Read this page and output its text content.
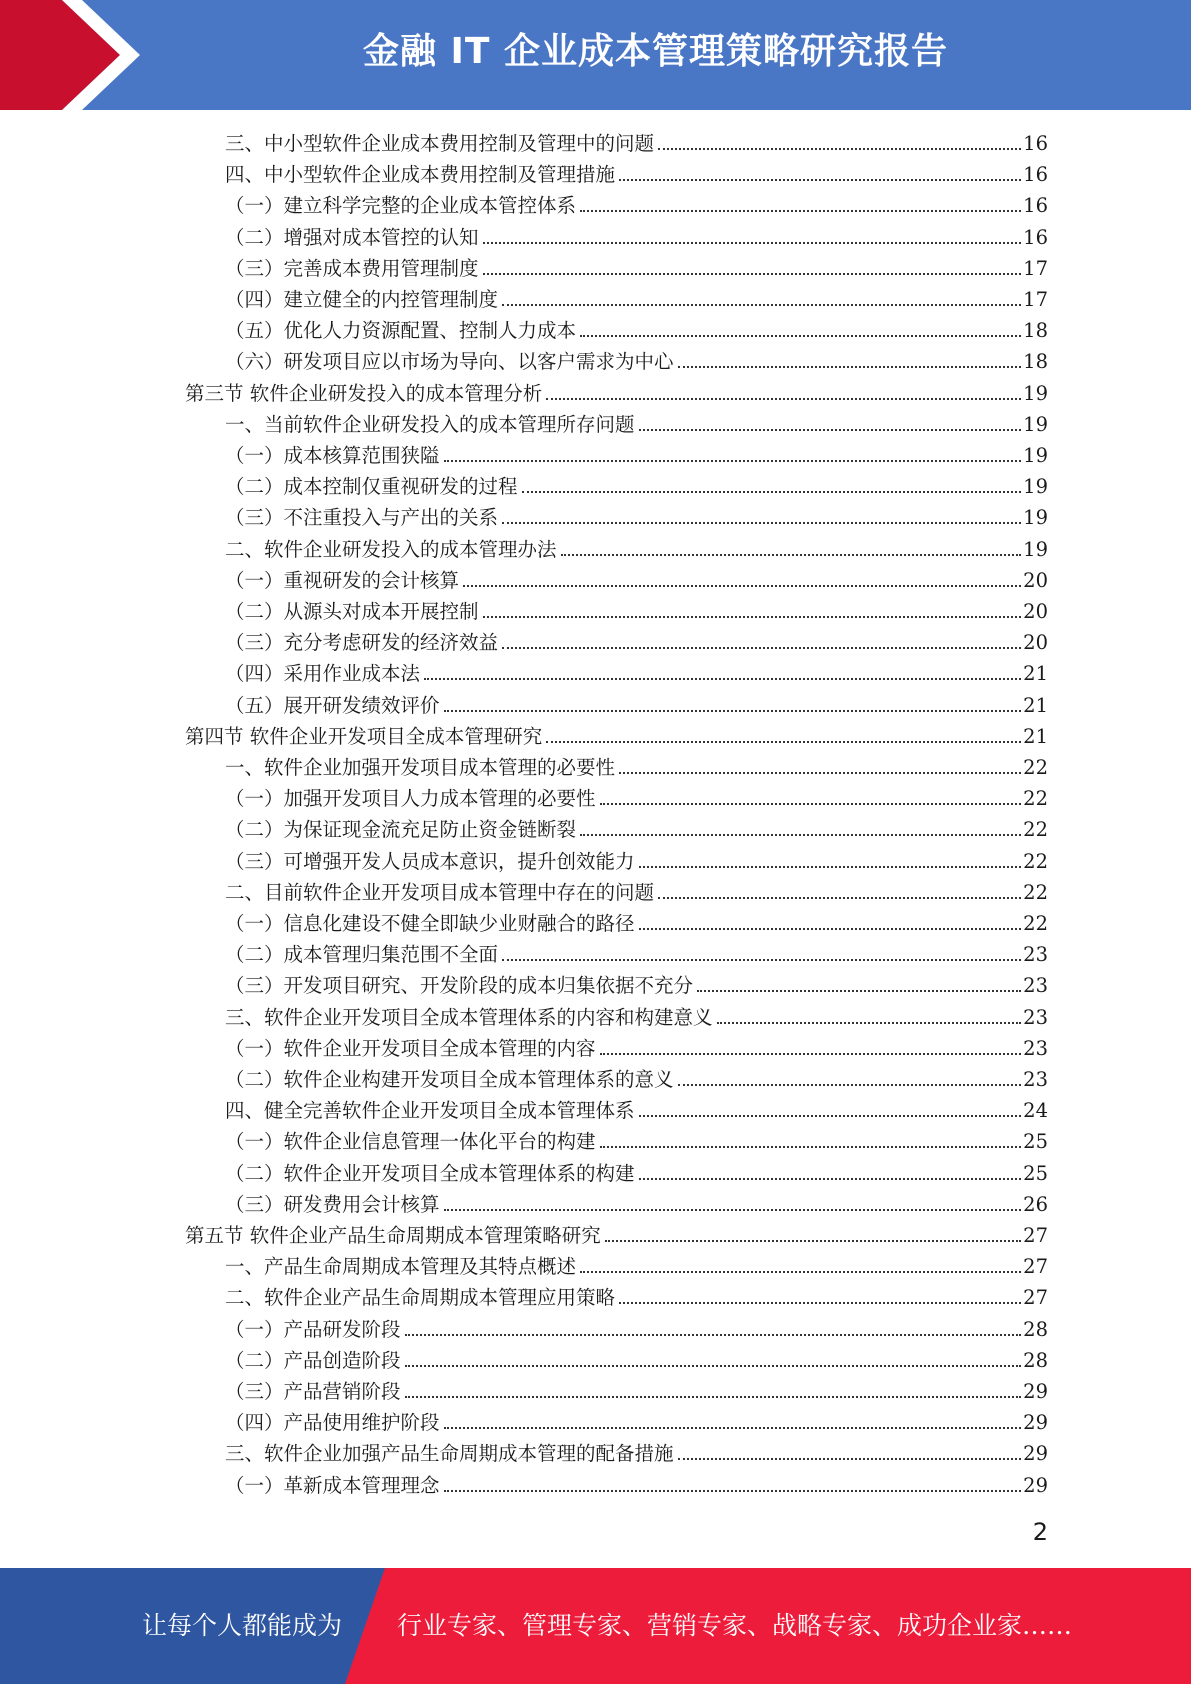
金融 IT 企业成本管理策略研究报告
三、中小型软件企业成本费用控制及管理中的问题	16
四、中小型软件企业成本费用控制及管理措施	16
（一）建立科学完整的企业成本管控体系	16
（二）增强对成本管控的认知	16
（三）完善成本费用管理制度	17
（四）建立健全的内控管理制度	17
（五）优化人力资源配置、控制人力成本	18
（六）研发项目应以市场为导向、以客户需求为中心	18
第三节 软件企业研发投入的成本管理分析	19
一、当前软件企业研发投入的成本管理所存问题	19
（一）成本核算范围狭隘	19
（二）成本控制仅重视研发的过程	19
（三）不注重投入与产出的关系	19
二、软件企业研发投入的成本管理办法	19
（一）重视研发的会计核算	20
（二）从源头对成本开展控制	20
（三）充分考虑研发的经济效益	20
（四）采用作业成本法	21
（五）展开研发绩效评价	21
第四节 软件企业开发项目全成本管理研究	21
一、软件企业加强开发项目成本管理的必要性	22
（一）加强开发项目人力成本管理的必要性	22
（二）为保证现金流充足防止资金链断裂	22
（三）可增强开发人员成本意识，提升创效能力	22
二、目前软件企业开发项目成本管理中存在的问题	22
（一）信息化建设不健全即缺少业财融合的路径	22
（二）成本管理归集范围不全面	23
（三）开发项目研究、开发阶段的成本归集依据不充分	23
三、软件企业开发项目全成本管理体系的内容和构建意义	23
（一）软件企业开发项目全成本管理的内容	23
（二）软件企业构建开发项目全成本管理体系的意义	23
四、健全完善软件企业开发项目全成本管理体系	24
（一）软件企业信息管理一体化平台的构建	25
（二）软件企业开发项目全成本管理体系的构建	25
（三）研发费用会计核算	26
第五节 软件企业产品生命周期成本管理策略研究	27
一、产品生命周期成本管理及其特点概述	27
二、软件企业产品生命周期成本管理应用策略	27
（一）产品研发阶段	28
（二）产品创造阶段	28
（三）产品营销阶段	29
（四）产品使用维护阶段	29
三、软件企业加强产品生命周期成本管理的配备措施	29
（一）革新成本管理理念	29
2
让每个人都能成为 行业专家、管理专家、营销专家、战略专家、成功企业家……
